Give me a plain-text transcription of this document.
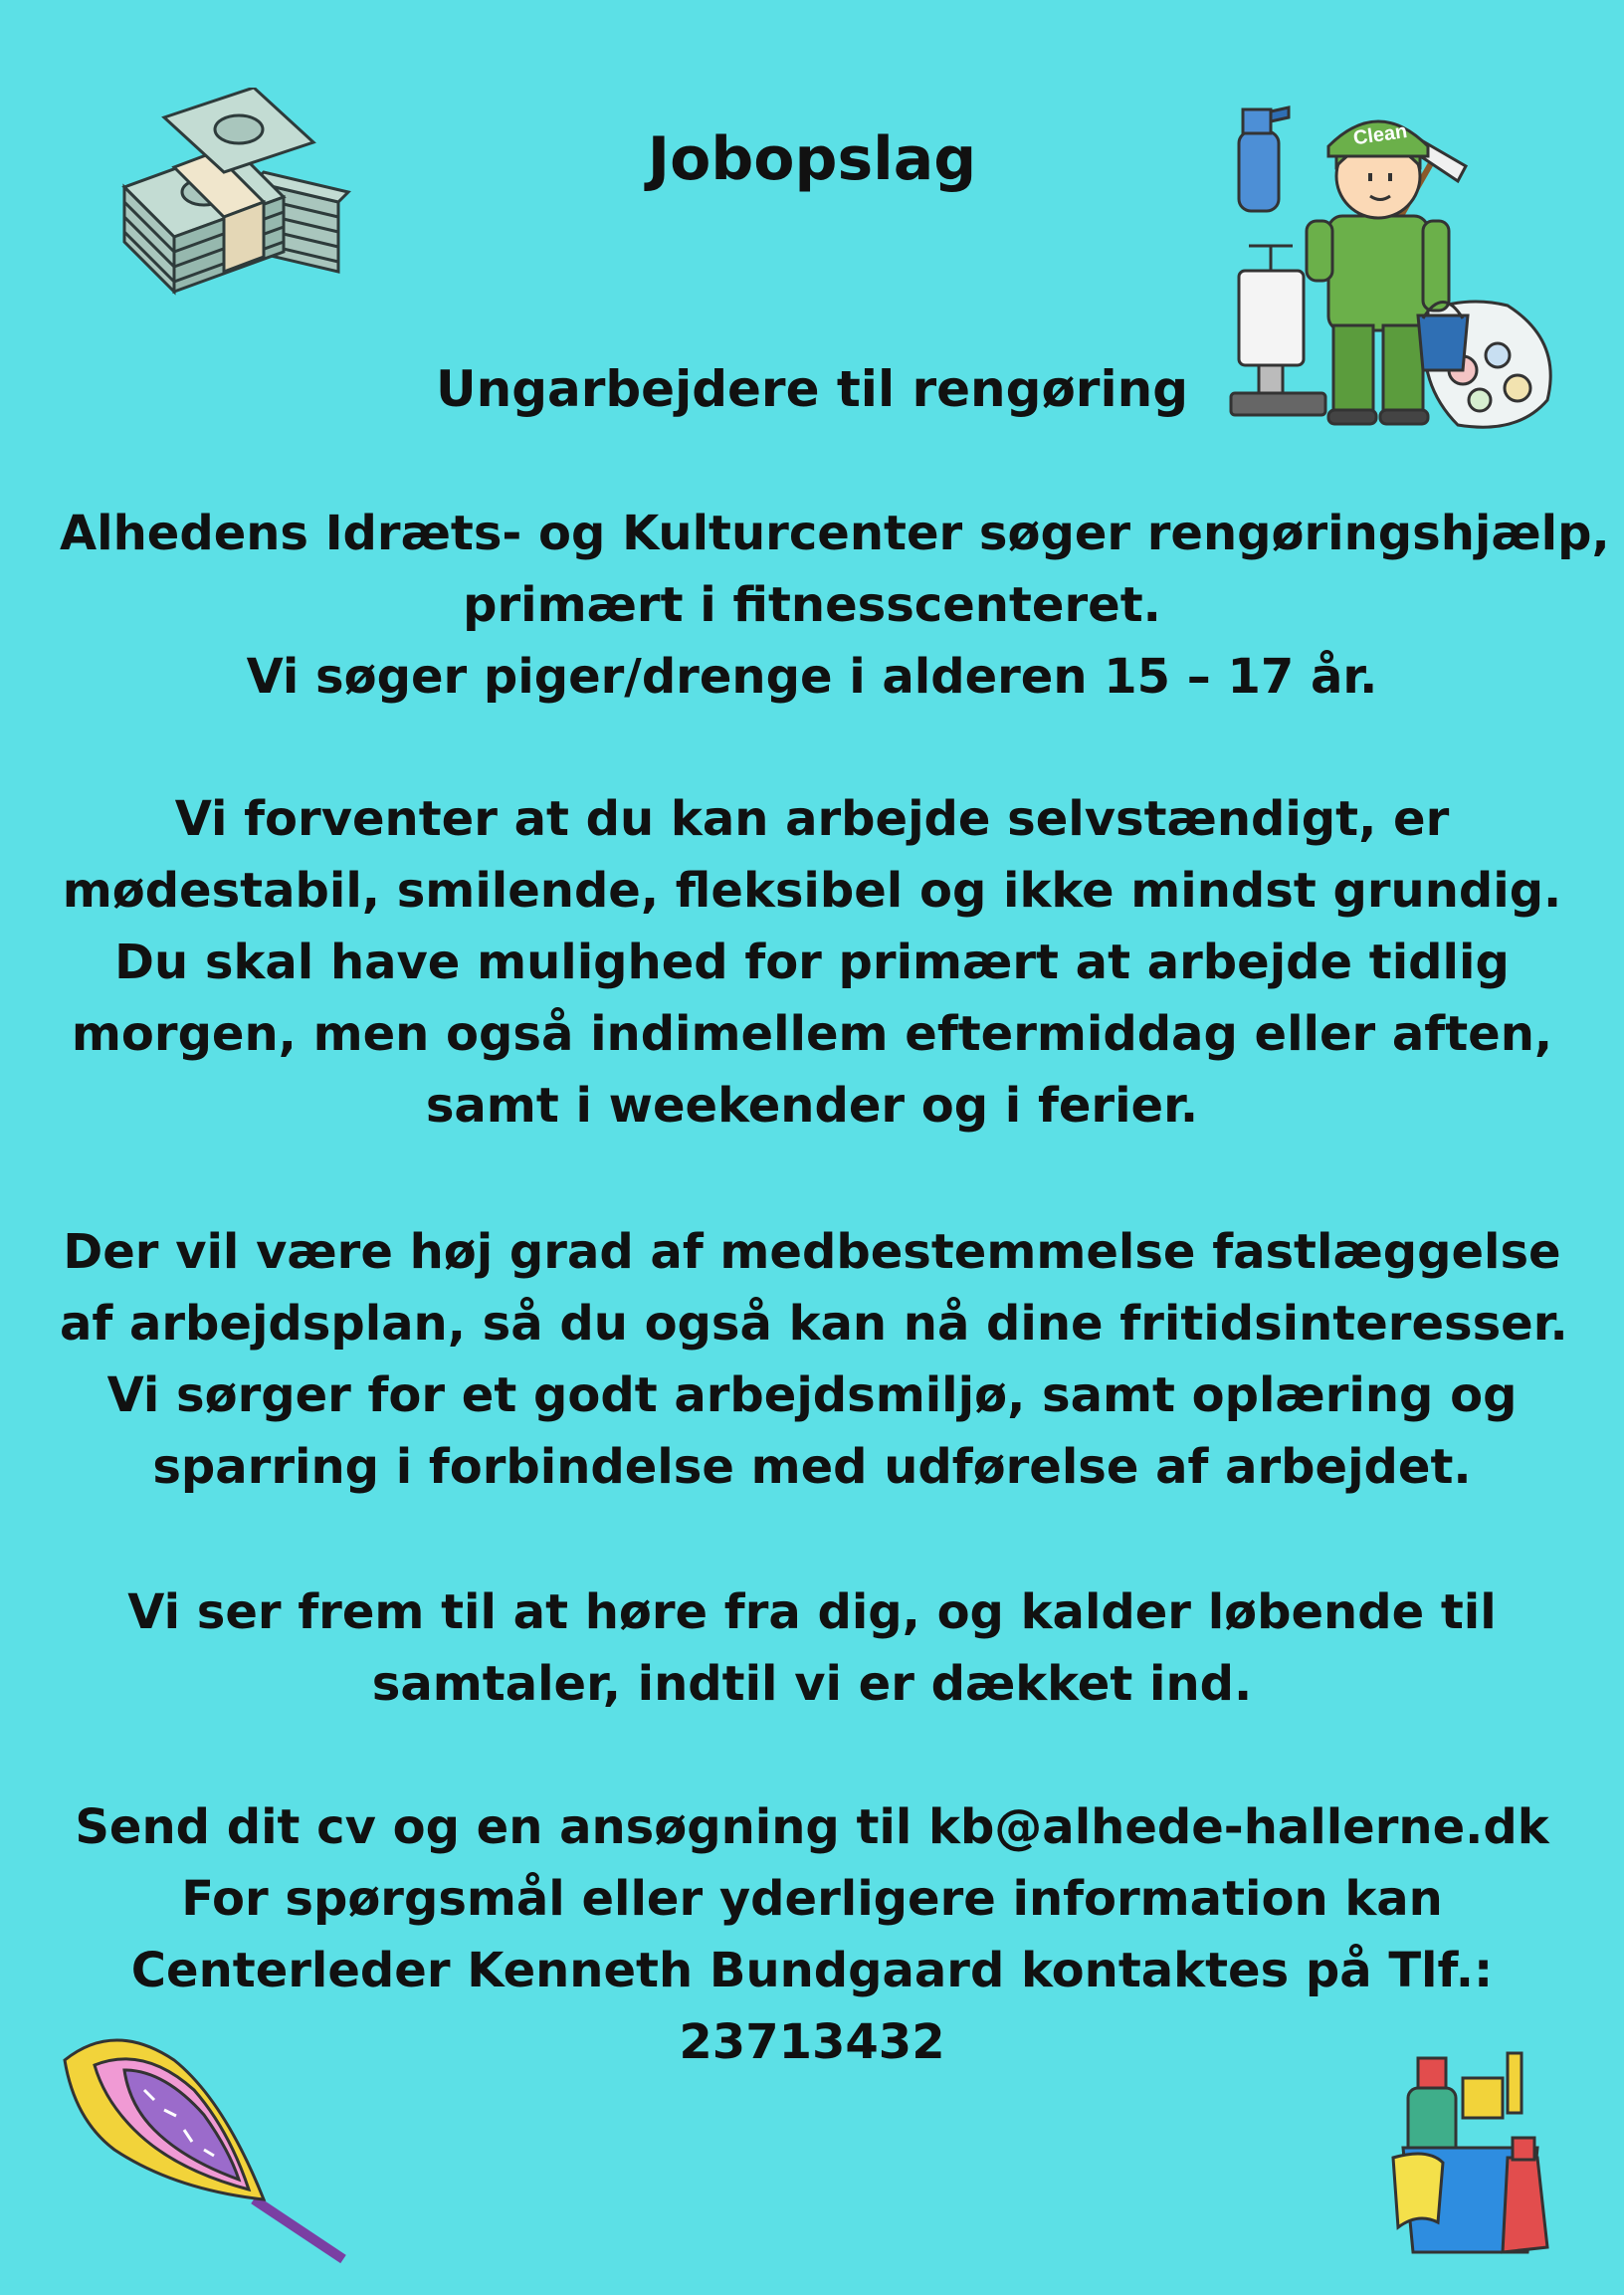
Jobopslag	Clean
Ungarbejdere til rengøring

Alhedens Idræts- og Kulturcenter søger rengøringshjælp,
primært i fitnesscenteret.
Vi søger piger/drenge i alderen 15 – 17 år.

Vi forventer at du kan arbejde selvstændigt, er
mødestabil, smilende, fleksibel og ikke mindst grundig.
Du skal have mulighed for primært at arbejde tidlig
morgen, men også indimellem eftermiddag eller aften,
samt i weekender og i ferier.

Der vil være høj grad af medbestemmelse fastlæggelse
af arbejdsplan, så du også kan nå dine fritidsinteresser.
Vi sørger for et godt arbejdsmiljø, samt oplæring og
sparring i forbindelse med udførelse af arbejdet.

Vi ser frem til at høre fra dig, og kalder løbende til
samtaler, indtil vi er dækket ind.

Send dit cv og en ansøgning til kb@alhede-hallerne.dk
For spørgsmål eller yderligere information kan
Centerleder Kenneth Bundgaard kontaktes på Tlf.:
23713432
